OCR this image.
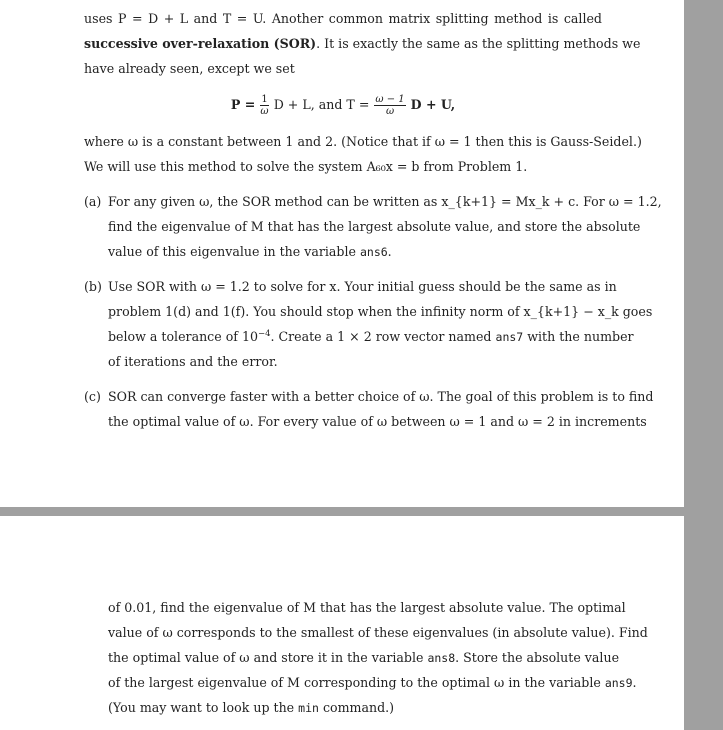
uses P = D + L and T = U. Another common matrix splitting method is called
successive over-relaxation (SOR). It is exactly the same as the splitting methods we
have already seen, except we set
$P = \frac{1}{\omega}$ D + L, and $T = \frac{\omega - 1}{\omega}$ D + U,
where ω is a constant between 1 and 2. (Notice that if ω = 1 then this is Gauss-Seidel.)
We will use this method to solve the system A₆₀x = b from Problem 1.
(a) For any given ω, the SOR method can be written as x_{k+1} = Mx_k + c. For ω = 1.2,
find the eigenvalue of M that has the largest absolute value, and store the absolute
value of this eigenvalue in the variable ans6.
(b) Use SOR with ω = 1.2 to solve for x. Your initial guess should be the same as in
problem 1(d) and 1(f). You should stop when the infinity norm of x_{k+1} − x_k goes
below a tolerance of $10^{-4}$. Create a 1 × 2 row vector named ans7 with the number
of iterations and the error.
(c) SOR can converge faster with a better choice of ω. The goal of this problem is to find
the optimal value of ω. For every value of ω between ω = 1 and ω = 2 in increments
of 0.01, find the eigenvalue of M that has the largest absolute value. The optimal
value of ω corresponds to the smallest of these eigenvalues (in absolute value). Find
the optimal value of ω and store it in the variable ans8. Store the absolute value
of the largest eigenvalue of M corresponding to the optimal ω in the variable ans9.
(You may want to look up the min command.)
